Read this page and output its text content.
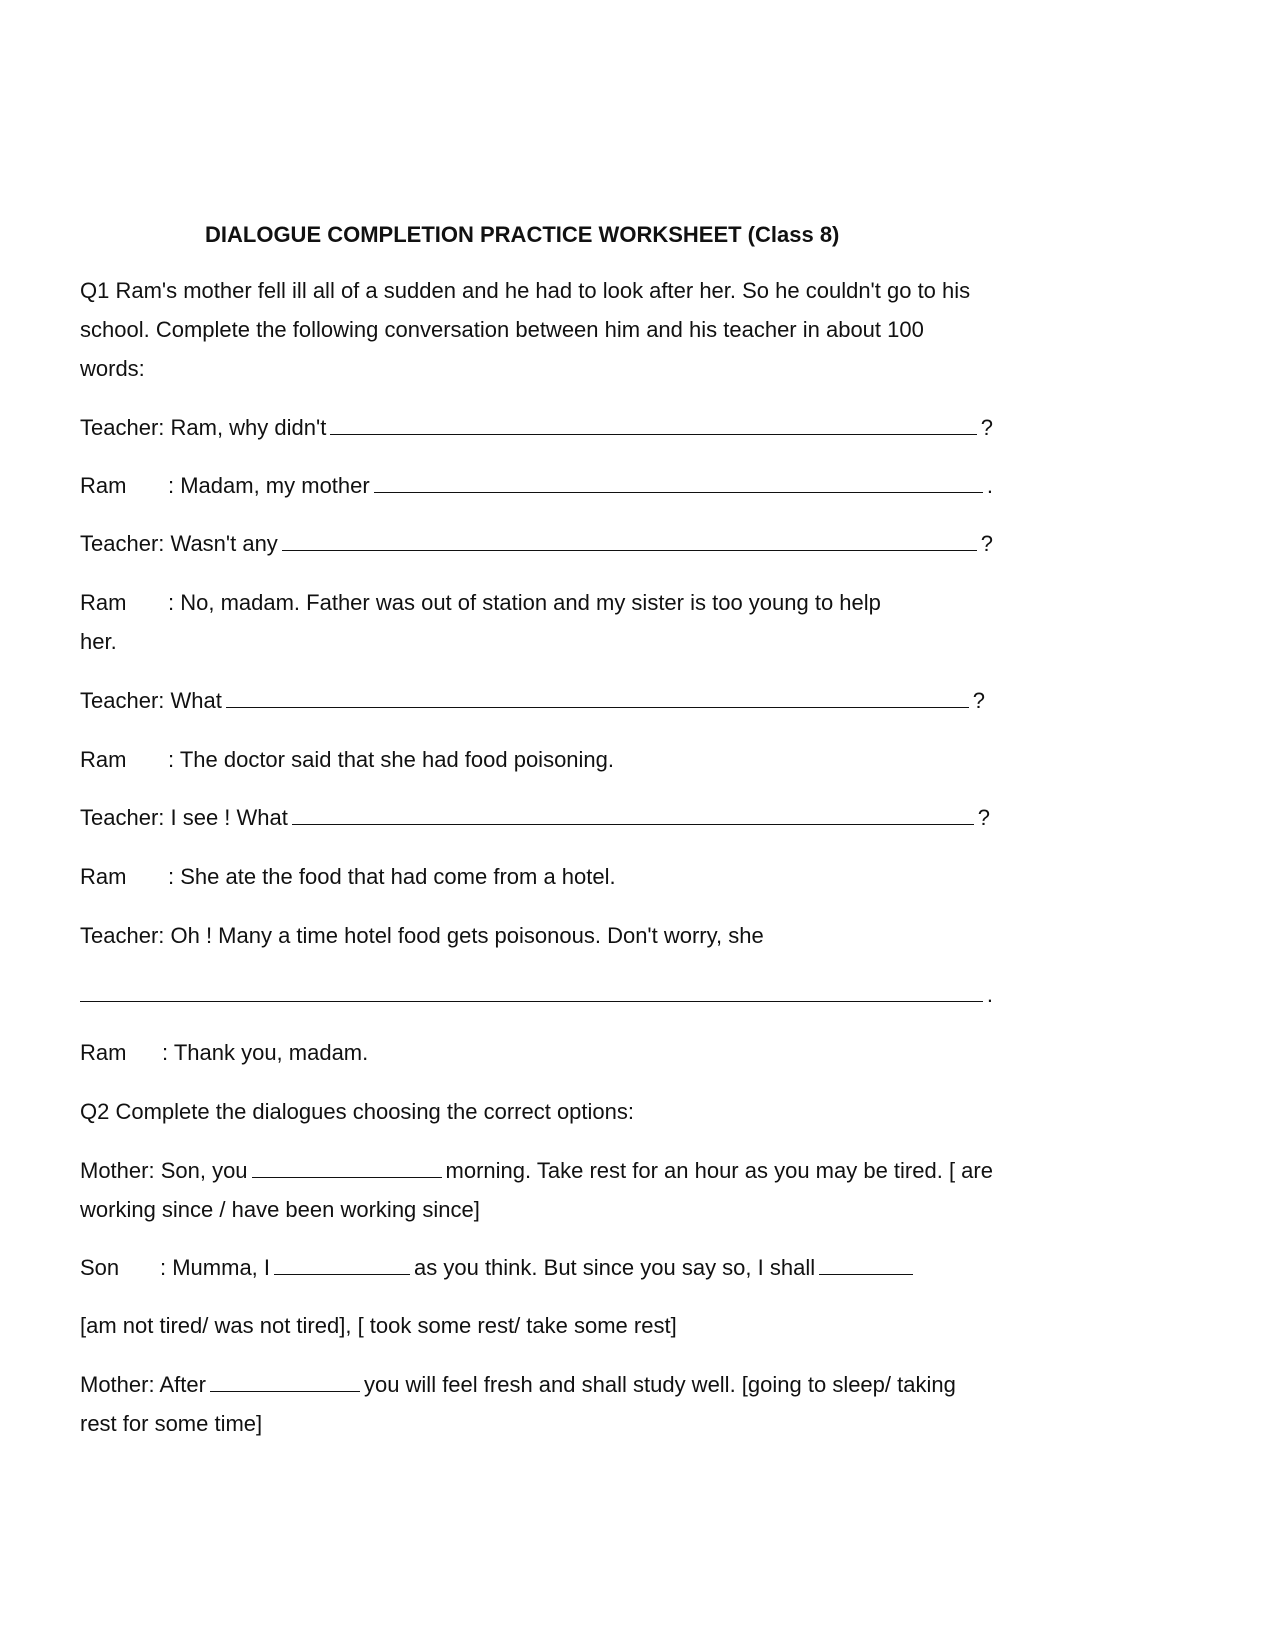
DIALOGUE COMPLETION PRACTICE WORKSHEET (Class 8)
Q1 Ram's mother fell ill all of a sudden and he had to look after her. So he couldn't go to his
school. Complete the following conversation between him and his teacher in about 100
words:
Teacher: Ram, why didn't	?
Ram	: Madam, my mother	.
Teacher: Wasn't any	?
Ram	: No, madam. Father was out of station and my sister is too young to help
her.
Teacher: What	?
Ram	: The doctor said that she had food poisoning.
Teacher: I see ! What	?
Ram	: She ate the food that had come from a hotel.
Teacher: Oh ! Many a time hotel food gets poisonous. Don't worry, she
.
Ram	: Thank you, madam.
Q2 Complete the dialogues choosing the correct options:
Mother: Son, you	morning. Take rest for an hour as you may be tired. [ are
working since / have been working since]
Son	: Mumma, I	as you think. But since you say so, I shall
[am not tired/ was not tired], [ took some rest/ take some rest]
Mother: After	you will feel fresh and shall study well. [going to sleep/ taking
rest for some time]
